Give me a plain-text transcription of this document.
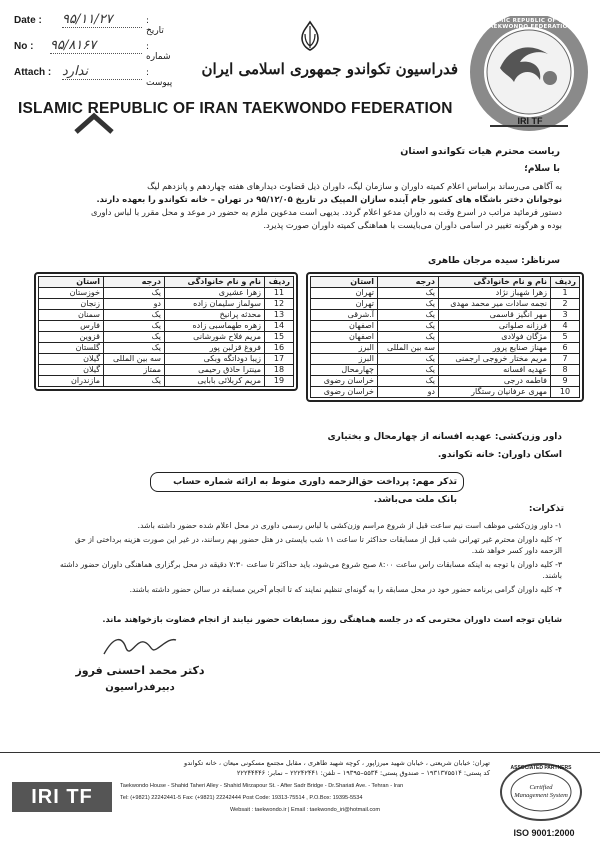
Date : ۹۵/۱۱/۲۷	: تاریخ
No : ۹۵/۸۱۶۷	: شماره
Attach : ندارد	: پیوست
فدراسیون تکواندو جمهوری اسلامی ایران
ISLAMIC REPUBLIC OF IRAN TAEKWONDO FEDERATION
ISLAMIC REPUBLIC OF IRAN TAEKWONDO FEDERATION
IRI TF
ریاست محترم هیات تکواندو استان
با سلام؛
به آگاهی می‌رساند براساس اعلام کمیته داوران و سازمان لیگ، داوران ذیل قضاوت دیدارهای هفته چهاردهم و پانزدهم لیگ
نوجوانان دختر باشگاه های کشور جام آینده سازان المپیک در تاریخ ۹۵/۱۲/۰۵ در تهران – خانه تکواندو را بعهده دارند.
دستور فرمائید مراتب در اسرع وقت به داوران مدعو اعلام گردد. بدیهی است مدعوین ملزم به حضور در موعد و محل مقرر با لباس داوری
بوده و هرگونه تغییر در اسامی داوران می‌بایست با هماهنگی کمیته داوران صورت پذیرد.
سرناظر: سیده مرجان طاهری
ردیف	نام و نام خانوادگی	درجه	استان
1	زهرا شهباز نژاد	یک	تهران
2	نجمه سادات میر محمد مهدی	یک	تهران
3	مهر انگیز قاسمی	یک	آ.شرقی
4	فرزانه صلواتی	یک	اصفهان
5	مژگان فولادی	یک	اصفهان
6	مهناز صنایع پرور	سه بین المللی	البرز
7	مریم مختار خروجی ارجمنی	یک	البرز
8	عهدیه افسانه	یک	چهارمحال
9	فاطمه درجی	یک	خراسان رضوی
10	مهری عرفانیان رستگار	دو	خراسان رضوی
ردیف	نام و نام خانوادگی	درجه	استان
11	زهرا عشیری	یک	خوزستان
12	سولماز سلیمان زاده	دو	زنجان
13	محدثه پرانیخ	یک	سمنان
14	زهره طهماسبی زاده	یک	فارس
15	مریم فلاح شورشانی	یک	قزوین
16	فروغ قزلبن پور	یک	گلستان
17	زیبا دوداتگه وبکی	سه بین المللی	گیلان
18	مینترا حاذق رحیمی	ممتاز	گیلان
19	مریم کربلائی بابایی	یک	مازندران
داور وزن‌کشی: عهدیه افسانه از چهارمحال و بختیاری
اسکان داوران: خانه تکواندو.
تذکر مهم: پرداخت حق‌الزحمه داوری منوط به ارائه شماره حساب بانک ملت می‌باشد.
تذکرات:

۱- داور وزن‌کشی موظف است نیم ساعت قبل از شروع مراسم وزن‌کشی با لباس رسمی داوری در محل اعلام شده حضور داشته باشد.

۲- کلیه داوران محترم غیر تهرانی شب قبل از مسابقات حداکثر تا ساعت ۱۱ شب بایستی در هتل حضور بهم رسانند، در غیر این صورت هزینه برداختی از حق

الزحمه داور کسر خواهد شد.

۳- کلیه داوران با توجه به اینکه مسابقات راس ساعت ۸:۰۰ صبح شروع می‌شود، باید حداکثر تا ساعت ۷:۳۰ دقیقه در محل برگزاری هماهنگی داوران حضور داشته

باشند.

۴- کلیه داوران گرامی برنامه حضور خود در محل مسابقه را به گونه‌ای تنظیم نمایند که تا انجام آخرین مسابقه در سالن حضور داشته باشند.

شایان توجه است داوران محترمی که در جلسه هماهنگی روز مسابقات حضور نیابند از انجام قضاوت بازخواهند ماند.
دکتر محمد احسنی فروز
دبیرفدراسیون
IRI TF
تهران: خیابان شریعتی ، خیابان شهید میرزاپور ، کوچه شهید طاهری ، مقابل مجتمع مسکونی میعان ، خانه تکواندو
کد پستی: ۱۹۳۱۳۷۵۵۱۴ – صندوق پستی: ۵۵۳۴–۱۹۳۹۵ – تلفن: ۲۲۲۴۲۴۴۱ – نمابر: ۲۲۲۴۴۴۴۶
Taekwondo House - Shahid Taheri Alley - Shahid Mirzapour St. - After Sadr Bridge - Dr.Shariati Ave. - Tehran - Iran
Tel: (+9821) 22242441-5 Fax: (+9821) 22242444 Post Code: 19313-75514 , P.O.Box: 19395-5534
Websait : taekwondo.ir | Email : taekwondo_iri@hotmail.com
ASSOCIATED PARTNERS
Certified Management System
ISO 9001:2000
